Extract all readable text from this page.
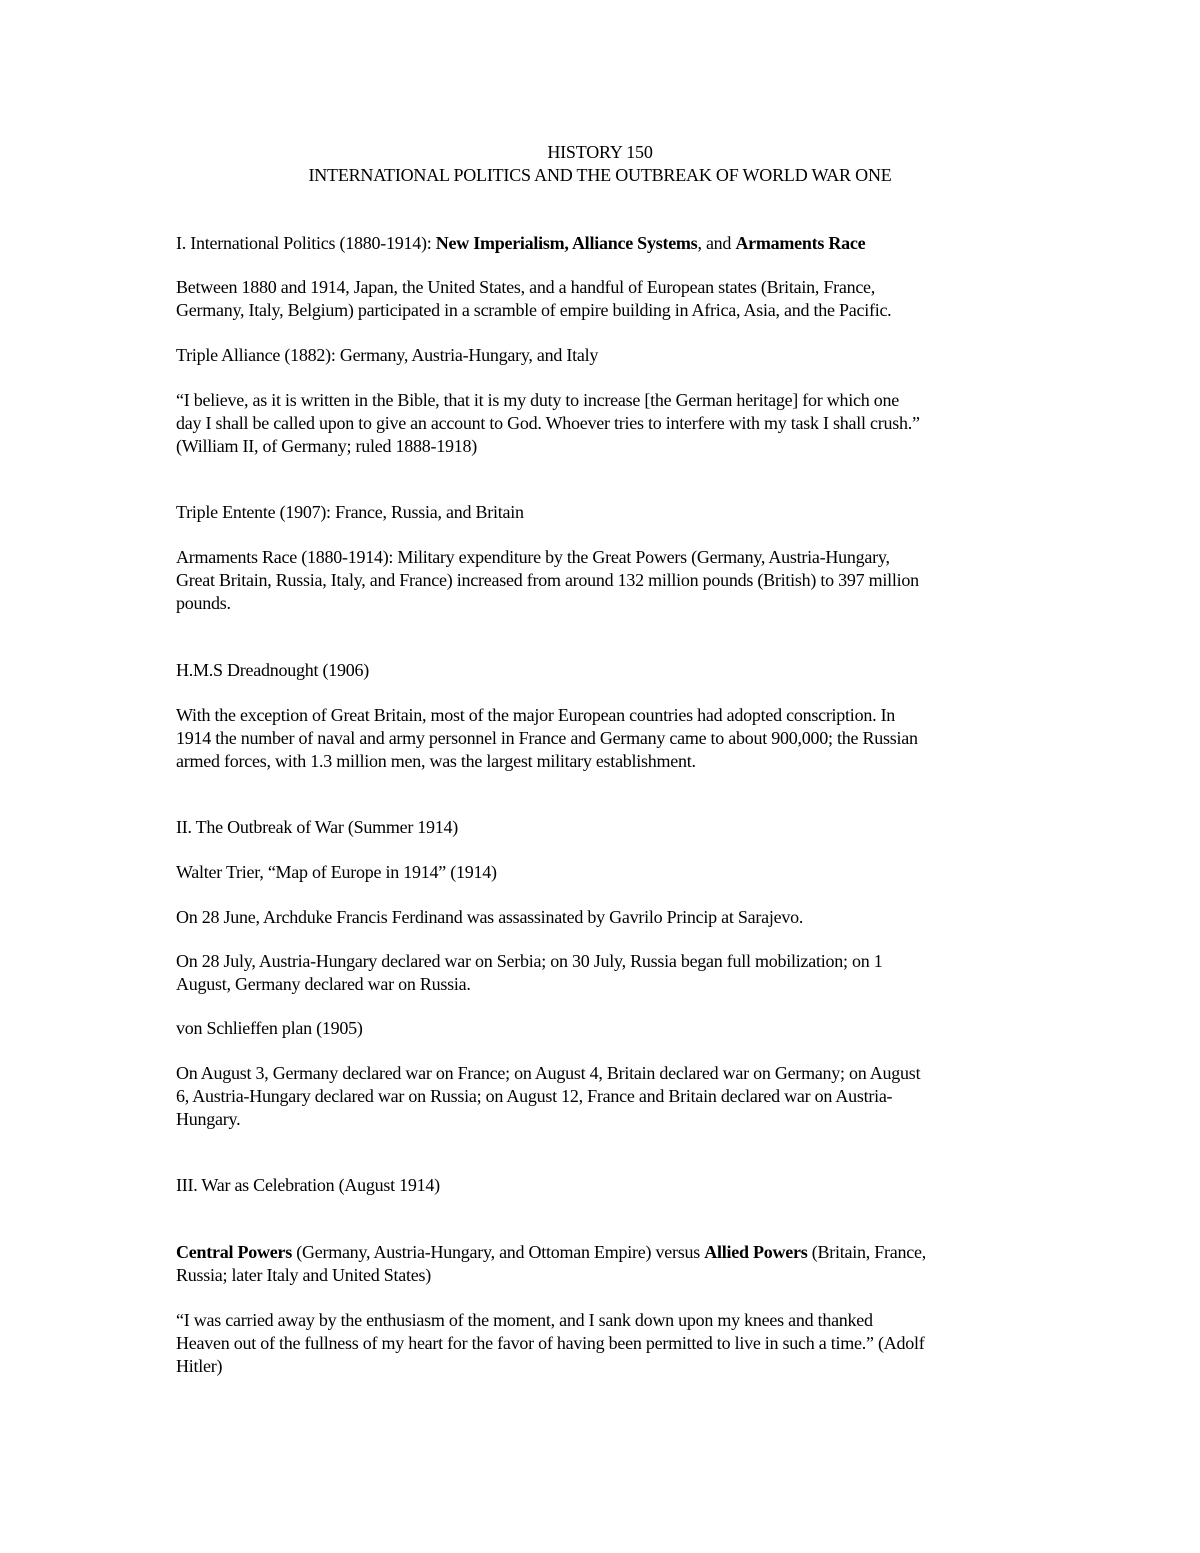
HISTORY 150
INTERNATIONAL POLITICS AND THE OUTBREAK OF WORLD WAR ONE

I. International Politics (1880-1914): New Imperialism, Alliance Systems, and Armaments Race

Between 1880 and 1914, Japan, the United States, and a handful of European states (Britain, France,
Germany, Italy, Belgium) participated in a scramble of empire building in Africa, Asia, and the Pacific.

Triple Alliance (1882): Germany, Austria-Hungary, and Italy

“I believe, as it is written in the Bible, that it is my duty to increase [the German heritage] for which one
day I shall be called upon to give an account to God. Whoever tries to interfere with my task I shall crush.”
(William II, of Germany; ruled 1888-1918)

Triple Entente (1907): France, Russia, and Britain

Armaments Race (1880-1914): Military expenditure by the Great Powers (Germany, Austria-Hungary,
Great Britain, Russia, Italy, and France) increased from around 132 million pounds (British) to 397 million
pounds.

H.M.S Dreadnought (1906)

With the exception of Great Britain, most of the major European countries had adopted conscription. In
1914 the number of naval and army personnel in France and Germany came to about 900,000; the Russian
armed forces, with 1.3 million men, was the largest military establishment.

II. The Outbreak of War (Summer 1914)

Walter Trier, “Map of Europe in 1914” (1914)

On 28 June, Archduke Francis Ferdinand was assassinated by Gavrilo Princip at Sarajevo.

On 28 July, Austria-Hungary declared war on Serbia; on 30 July, Russia began full mobilization; on 1
August, Germany declared war on Russia.

von Schlieffen plan (1905)

On August 3, Germany declared war on France; on August 4, Britain declared war on Germany; on August
6, Austria-Hungary declared war on Russia; on August 12, France and Britain declared war on Austria-
Hungary.

III. War as Celebration (August 1914)

Central Powers (Germany, Austria-Hungary, and Ottoman Empire) versus Allied Powers (Britain, France,
Russia; later Italy and United States)

“I was carried away by the enthusiasm of the moment, and I sank down upon my knees and thanked
Heaven out of the fullness of my heart for the favor of having been permitted to live in such a time.” (Adolf
Hitler)
